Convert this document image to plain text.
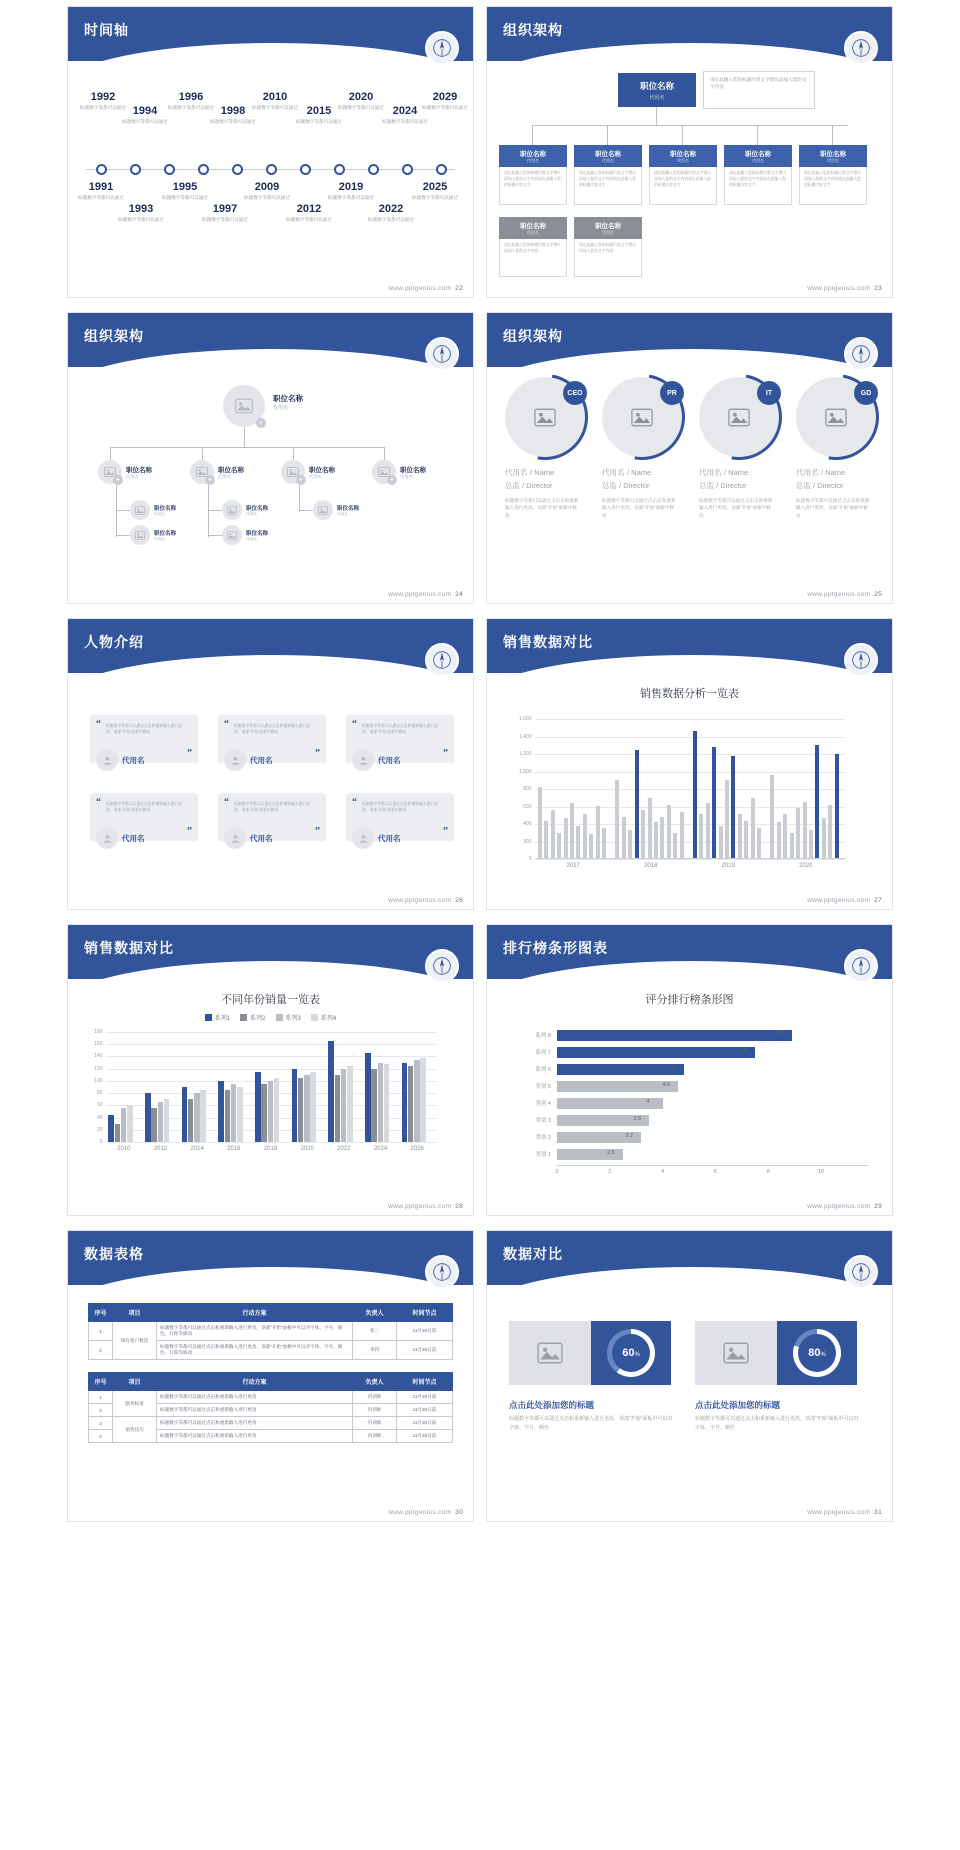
时间轴
1992
标题数字等都可以通过 1994
标题数字等都可以通过
1996
标题数字等都可以通过 1998
标题数字等都可以通过
2010
标题数字等都可以通过 2015
标题数字等都可以通过
2020
标题数字等都可以通过 2024
标题数字等都可以通过
2029
标题数字等都可以通过
1991
标题数字等都可以通过
1993
标题数字等都可以通过
1995
标题数字等都可以通过
1997
标题数字等都可以通过
2009
标题数字等都可以通过
2012
标题数字等都可以通过
2019
标题数字等都可以通过
2022
标题数字等都可以通过
2025
标题数字等都可以通过
www.pptgenius.com 22
组织架构
职位名称
代用名
请在此输入您的标题内容文字建议添加入您的文字内容
职位名称
代用名
请在此输入您的标题内容文字建议添加入您的文字内容请在此输入您的标题内容文字
职位名称
代用名
请在此输入您的标题内容文字建议添加入您的文字内容请在此输入您的标题内容文字
职位名称
代用名
请在此输入您的标题内容文字建议添加入您的文字内容请在此输入您的标题内容文字
职位名称
代用名
请在此输入您的标题内容文字建议添加入您的文字内容请在此输入您的标题内容文字
职位名称
代用名
请在此输入您的标题内容文字建议添加入您的文字内容请在此输入您的标题内容文字
职位名称
代用名
请在此输入您的标题内容文字建议添加入您的文字内容
职位名称
代用名
请在此输入您的标题内容文字建议添加入您的文字内容
www.pptgenius.com 23
组织架构
+
职位名称
代用名
+
职位名称
代用名	+
职位名称
代用名	+
职位名称
代用名	+
职位名称
代用名
职位名称
代用名
职位名称
代用名
职位名称
代用名
职位名称
代用名
职位名称
代用名
www.pptgenius.com 24
组织架构
CEO
代用名 / Name
总监 / Director
标题数字等都可以通过点击击和重新输入进行更改，顶部“开始”面板中修改
PR
代用名 / Name
总监 / Director
标题数字等都可以通过点击击和重新输入进行更改，顶部“开始”面板中修改
IT
代用名 / Name
总监 / Director
标题数字等都可以通过点击击和重新输入进行更改，顶部“开始”面板中修改
GD
代用名 / Name
总监 / Director
标题数字等都可以通过点击击和重新输入进行更改，顶部“开始”面板中修改
www.pptgenius.com 25
人物介绍
“
”
标题数字等都可以通过点击和重新输入进行更改，顶部“开始”面板中修改
代用名
“
”
标题数字等都可以通过点击和重新输入进行更改，顶部“开始”面板中修改
代用名
“
”
标题数字等都可以通过点击和重新输入进行更改，顶部“开始”面板中修改
代用名
“
”
标题数字等都可以通过点击和重新输入进行更改，顶部“开始”面板中修改
代用名
“
”
标题数字等都可以通过点击和重新输入进行更改，顶部“开始”面板中修改
代用名
“
”
标题数字等都可以通过点击和重新输入进行更改，顶部“开始”面板中修改
代用名
www.pptgenius.com 26
销售数据对比
销售数据分析一览表
0
200
400
600
800
1,000
1,200
1,400
1,600
2017	2018	2019	2020
www.pptgenius.com 27
销售数据对比
不同年份销量一览表
系列1	系列2	系列3	系列4
0
20
40
60
80
100
120
140
160
180
2010	2012	2014	2016	2018	2020	2022	2024	2026
www.pptgenius.com 28
排行榜条形图表
评分排行榜条形图
系列 8	8.9
系列 7	7.5
系列 6	4.8
类别 5	4.6
类别 4	4
类别 3	3.5
类别 2	3.2
类别 1	2.5
0	2	4	6	8	10
www.pptgenius.com 29
数据表格
序号	项目	行动方案	负责人	时间节点
1	保有客户数活	标题数字等都可以通过点击和重新输入进行更改，顶部“开始”面板中可以对字体、字号、颜色、行距等修改	张三	11月30日前
2		标题数字等都可以通过点击和重新输入进行更改，顶部“开始”面板中可以对字体、字号、颜色、行距等修改	李四	11月30日前
序号	项目	行动方案	负责人	时间节点
1	服务标准	标题数字等都可以通过点击和重新输入进行更改	内训师	11月30日前
2		标题数字等都可以通过点击和重新输入进行更改	内训师	11月30日前
3	销售技巧	标题数字等都可以通过点击和重新输入进行更改	内训师	11月30日前
4		标题数字等都可以通过点击和重新输入进行更改	内训师	11月30日前
www.pptgenius.com 30
数据对比
60%
点击此处添加您的标题
标题数字等都可以通过点击和重新输入进行更改，顶部“开始”面板中可以对字体、字号、颜色
80%
点击此处添加您的标题
标题数字等都可以通过点击和重新输入进行更改，顶部“开始”面板中可以对字体、字号、颜色
www.pptgenius.com 31
